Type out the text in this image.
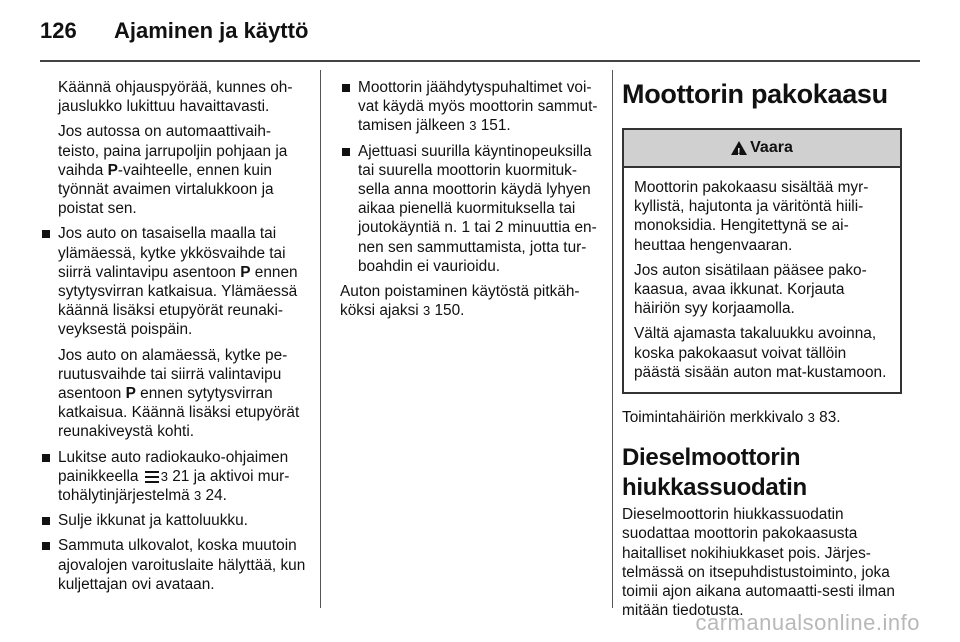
126 Ajaminen ja käyttö

Käännä ohjauspyörää, kunnes oh-jauslukko lukittuu havaittavasti.

Jos autossa on automaattivaih-teisto, paina jarrupoljin pohjaan ja vaihda P-vaihteelle, ennen kuin työnnät avaimen virtalukkoon ja poistat sen.

Jos auto on tasaisella maalla tai ylämäessä, kytke ykkösvaihde tai siirrä valintavipu asentoon P ennen sytytysvirran katkaisua. Ylämäessä käännä lisäksi etupyörät reunaki-veyksestä poispäin.

Jos auto on alamäessä, kytke pe-ruutusvaihde tai siirrä valintavipu asentoon P ennen sytytysvirran katkaisua. Käännä lisäksi etupyörät reunakiveystä kohti.

Lukitse auto radiokauko-ohjaimen painikkeella 3 21 ja aktivoi mur-tohälytinjärjestelmä 3 24.
Sulje ikkunat ja kattoluukku.
Sammuta ulkovalot, koska muutoin ajovalojen varoituslaite hälyttää, kun kuljettajan ovi avataan.
Moottorin jäähdytyspuhaltimet voi-vat käydä myös moottorin sammut-tamisen jälkeen 3 151.
Ajettuasi suurilla käyntinopeuksilla tai suurella moottorin kuormituk-sella anna moottorin käydä lyhyen aikaa pienellä kuormituksella tai joutokäyntiä n. 1 tai 2 minuuttia en-nen sen sammuttamista, jotta tur-boahdin ei vaurioidu.

Auton poistaminen käytöstä pitkäh-köksi ajaksi 3 150.

Moottorin pakokaasu
!
Vaara

Moottorin pakokaasu sisältää myr-kyllistä, hajutonta ja väritöntä hiili-monoksidia. Hengitettynä se ai-heuttaa hengenvaaran.

Jos auton sisätilaan pääsee pako-kaasua, avaa ikkunat. Korjauta häiriön syy korjaamolla.

Vältä ajamasta takaluukku avoinna, koska pakokaasut voivat tällöin päästä sisään auton mat-kustamoon.

Toimintahäiriön merkkivalo 3 83.

Dieselmoottorin hiukkassuodatin

Dieselmoottorin hiukkassuodatin suodattaa moottorin pakokaasusta haitalliset nokihiukkaset pois. Järjes-telmässä on itsepuhdistustoiminto, joka toimii ajon aikana automaatti-sesti ilman mitään tiedotusta.

carmanualsonline.info
